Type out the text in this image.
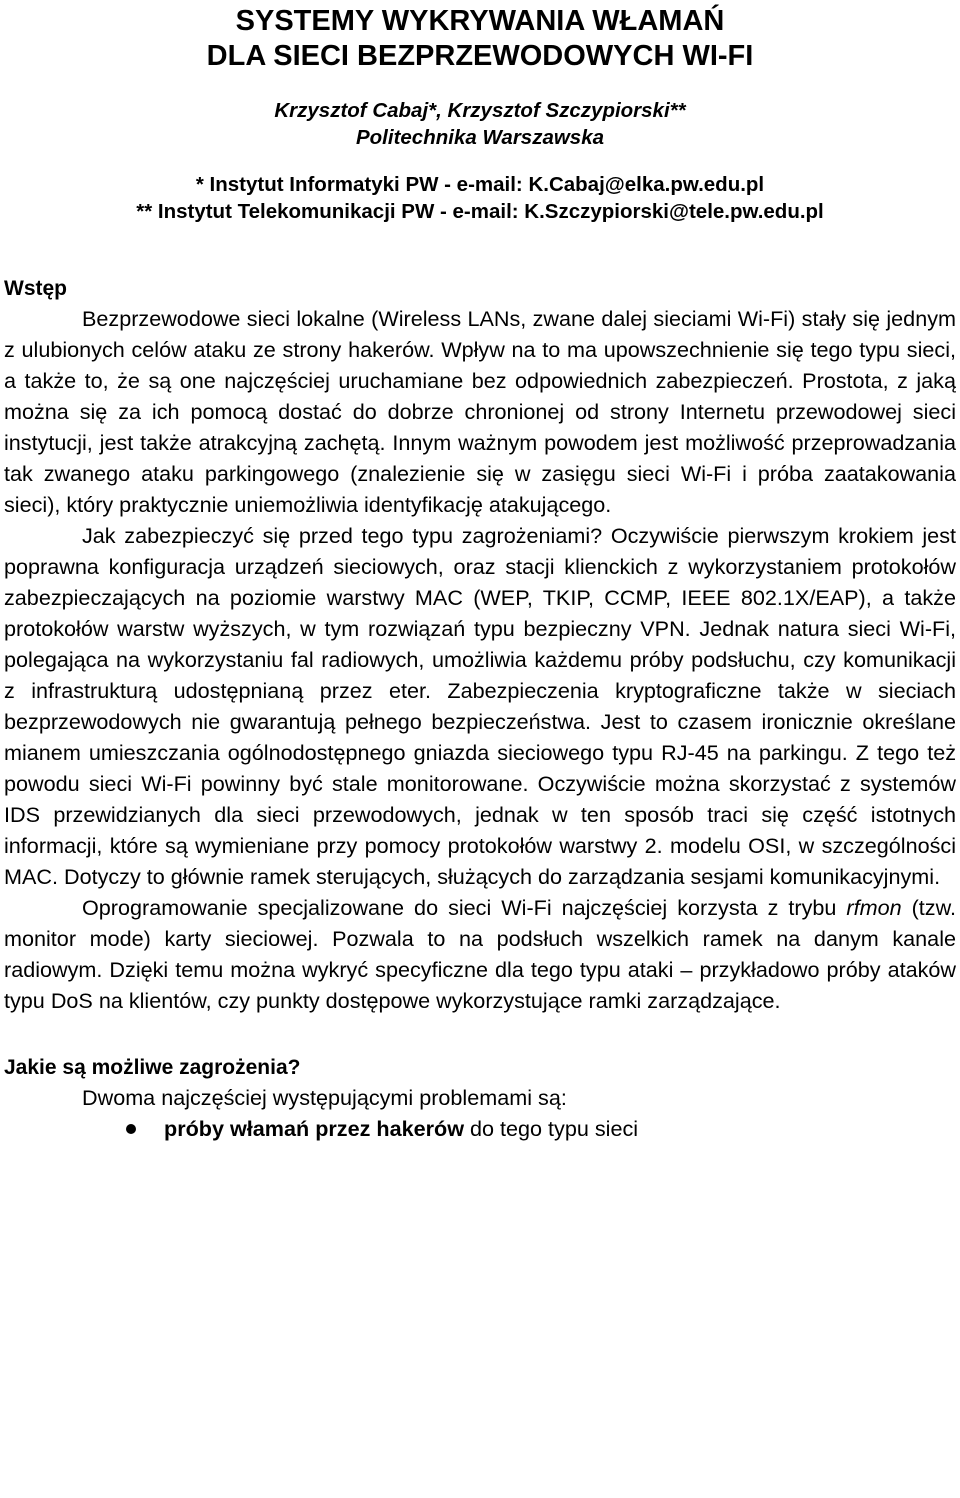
SYSTEMY WYKRYWANIA WŁAMAŃ
DLA SIECI BEZPRZEWODOWYCH WI-FI
Krzysztof Cabaj*, Krzysztof Szczypiorski**
Politechnika Warszawska
* Instytut Informatyki PW - e-mail: K.Cabaj@elka.pw.edu.pl
** Instytut Telekomunikacji PW - e-mail: K.Szczypiorski@tele.pw.edu.pl
Wstęp

Bezprzewodowe sieci lokalne (Wireless LANs, zwane dalej sieciami Wi-Fi) stały się jednym z ulubionych celów ataku ze strony hakerów. Wpływ na to ma upowszechnienie się tego typu sieci, a także to, że są one najczęściej uruchamiane bez odpowiednich zabezpieczeń. Prostota, z jaką można się za ich pomocą dostać do dobrze chronionej od strony Internetu przewodowej sieci instytucji, jest także atrakcyjną zachętą. Innym ważnym powodem jest możliwość przeprowadzania tak zwanego ataku parkingowego (znalezienie się w zasięgu sieci Wi-Fi i próba zaatakowania sieci), który praktycznie uniemożliwia identyfikację atakującego.

Jak zabezpieczyć się przed tego typu zagrożeniami? Oczywiście pierwszym krokiem jest poprawna konfiguracja urządzeń sieciowych, oraz stacji klienckich z wykorzystaniem protokołów zabezpieczających na poziomie warstwy MAC (WEP, TKIP, CCMP, IEEE 802.1X/EAP), a także protokołów warstw wyższych, w tym rozwiązań typu bezpieczny VPN. Jednak natura sieci Wi-Fi, polegająca na wykorzystaniu fal radiowych, umożliwia każdemu próby podsłuchu, czy komunikacji z infrastrukturą udostępnianą przez eter. Zabezpieczenia kryptograficzne także w sieciach bezprzewodowych nie gwarantują pełnego bezpieczeństwa. Jest to czasem ironicznie określane mianem umieszczania ogólnodostępnego gniazda sieciowego typu RJ-45 na parkingu. Z tego też powodu sieci Wi-Fi powinny być stale monitorowane. Oczywiście można skorzystać z systemów IDS przewidzianych dla sieci przewodowych, jednak w ten sposób traci się część istotnych informacji, które są wymieniane przy pomocy protokołów warstwy 2. modelu OSI, w szczególności MAC. Dotyczy to głównie ramek sterujących, służących do zarządzania sesjami komunikacyjnymi.

Oprogramowanie specjalizowane do sieci Wi-Fi najczęściej korzysta z trybu rfmon (tzw. monitor mode) karty sieciowej. Pozwala to na podsłuch wszelkich ramek na danym kanale radiowym. Dzięki temu można wykryć specyficzne dla tego typu ataki – przykładowo próby ataków typu DoS na klientów, czy punkty dostępowe wykorzystujące ramki zarządzające.

Jakie są możliwe zagrożenia?

Dwoma najczęściej występującymi problemami są:

próby włamań przez hakerów do tego typu sieci
